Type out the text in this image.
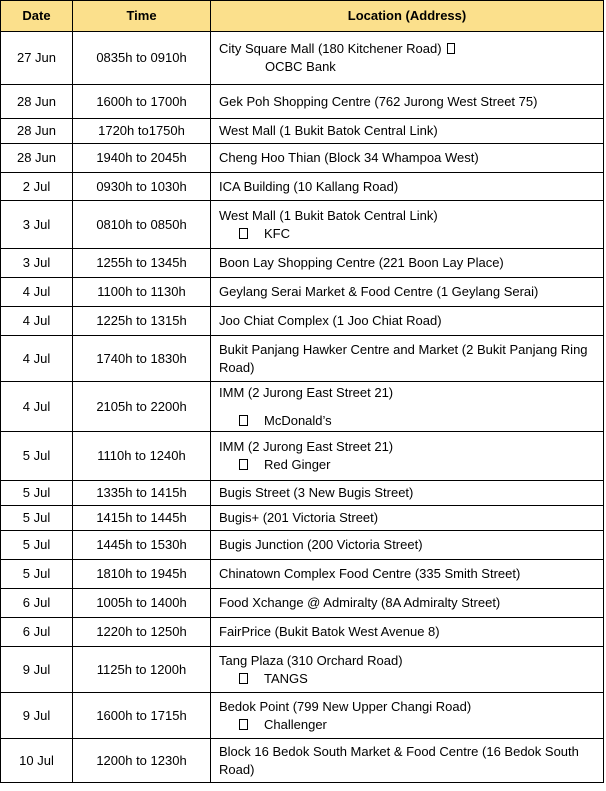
Date	Time	Location (Address)
27 Jun	0835h to 0910h	City Square Mall (180 Kitchener Road)
OCBC Bank

28 Jun	1600h to 1700h	Gek Poh Shopping Centre (762 Jurong West Street 75)
28 Jun	1720h to1750h	West Mall (1 Bukit Batok Central Link)
28 Jun	1940h to 2045h	Cheng Hoo Thian (Block 34 Whampoa West)
2 Jul	0930h to 1030h	ICA Building (10 Kallang Road)
3 Jul	0810h to 0850h	West Mall (1 Bukit Batok Central Link)
KFC

3 Jul	1255h to 1345h	Boon Lay Shopping Centre (221 Boon Lay Place)
4 Jul	1100h to 1130h	Geylang Serai Market & Food Centre (1 Geylang Serai)
4 Jul	1225h to 1315h	Joo Chiat Complex (1 Joo Chiat Road)
4 Jul	1740h to 1830h	Bukit Panjang Hawker Centre and Market (2 Bukit Panjang Ring Road)
4 Jul	2105h to 2200h	IMM (2 Jurong East Street 21)
McDonald’s

5 Jul	1110h to 1240h	IMM (2 Jurong East Street 21)
Red Ginger

5 Jul	1335h to 1415h	Bugis Street (3 New Bugis Street)
5 Jul	1415h to 1445h	Bugis+ (201 Victoria Street)
5 Jul	1445h to 1530h	Bugis Junction (200 Victoria Street)
5 Jul	1810h to 1945h	Chinatown Complex Food Centre (335 Smith Street)
6 Jul	1005h to 1400h	Food Xchange @ Admiralty (8A Admiralty Street)
6 Jul	1220h to 1250h	FairPrice (Bukit Batok West Avenue 8)
9 Jul	1125h to 1200h	Tang Plaza (310 Orchard Road)
TANGS

9 Jul	1600h to 1715h	Bedok Point (799 New Upper Changi Road)
Challenger

10 Jul	1200h to 1230h	Block 16 Bedok South Market & Food Centre (16 Bedok South Road)
